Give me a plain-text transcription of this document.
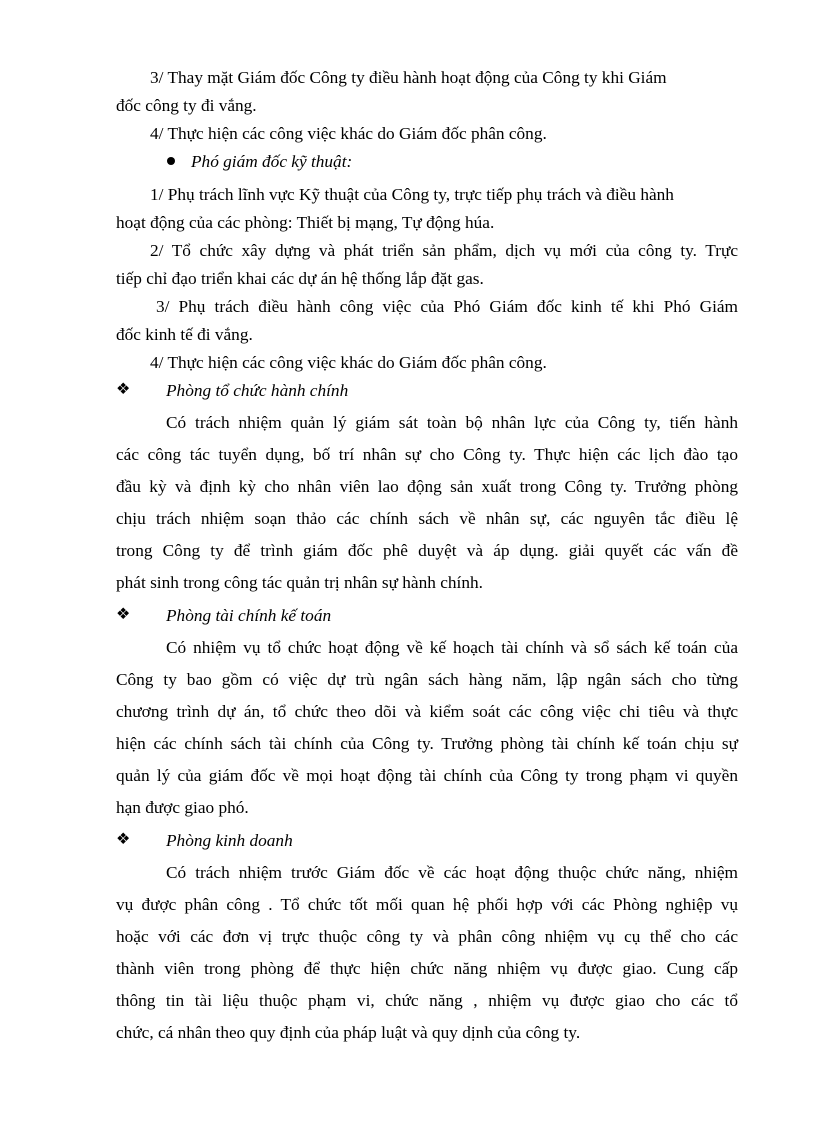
3/ Thay mặt Giám đốc Công ty điều hành hoạt động của Công ty khi Giám
đốc công ty đi vắng.
4/ Thực hiện các công việc khác do Giám đốc phân công.
Phó giám đốc kỹ thuật:
1/ Phụ trách lĩnh vực Kỹ thuật của Công ty, trực tiếp phụ trách và điều hành
hoạt động của các phòng: Thiết bị mạng, Tự động húa.
2/ Tổ chức xây dựng và phát triển sản phẩm, dịch vụ mới của công ty. Trực
tiếp chỉ đạo triển khai các dự án hệ thống lắp đặt gas.
3/ Phụ trách điều hành công việc của Phó Giám đốc kinh tế khi Phó Giám
đốc kinh tế đi vắng.
4/ Thực hiện các công việc khác do Giám đốc phân công.
❖	Phòng tổ chức hành chính
Có trách nhiệm quản lý giám sát toàn bộ nhân lực của Công ty, tiến hành
các công tác tuyển dụng, bố trí nhân sự cho Công ty. Thực hiện các lịch đào tạo
đầu kỳ và định kỳ cho nhân viên lao động sản xuất trong Công ty. Trưởng phòng
chịu trách nhiệm soạn thảo các chính sách về nhân sự, các nguyên tắc điều lệ
trong Công ty để trình giám đốc phê duyệt và áp dụng. giải quyết các vấn đề
phát sinh trong công tác quản trị nhân sự hành chính.
❖	Phòng tài chính kế toán
Có nhiệm vụ tổ chức hoạt động về kế hoạch tài chính và sổ sách kế toán của
Công ty bao gồm có việc dự trù ngân sách hàng năm, lập ngân sách cho từng
chương trình dự án, tổ chức theo dõi và kiểm soát các công việc chi tiêu và thực
hiện các chính sách tài chính của Công ty. Trưởng phòng tài chính kế toán chịu sự
quản lý của giám đốc về mọi hoạt động tài chính của Công ty trong phạm vi quyền
hạn được giao phó.
❖	Phòng kinh doanh
Có trách nhiệm trước Giám đốc về các hoạt động thuộc chức năng, nhiệm
vụ được phân công . Tổ chức tốt mối quan hệ phối hợp với các Phòng nghiệp vụ
hoặc với các đơn vị trực thuộc công ty và phân công nhiệm vụ cụ thể cho các
thành viên trong phòng để thực hiện chức năng nhiệm vụ được giao. Cung cấp
thông tin tài liệu thuộc phạm vi, chức năng , nhiệm vụ được giao cho các tổ
chức, cá nhân theo quy định của pháp luật và quy dịnh của công ty.
